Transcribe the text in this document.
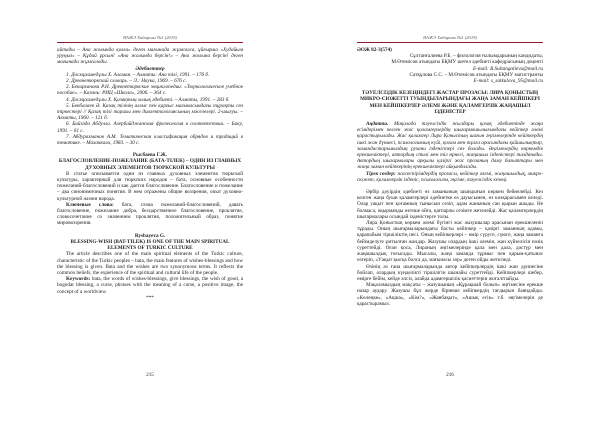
ЯАЖЭ Хабаршы №1 (2019)

айтады – Ана жолында қолға» деген мағынада жұмсалса, ұйғырша «Худайым уруңыз» – Құдай ұрсын! «Ана жолында берсін!» – Ана жолына берсін! деген мағынада жұмсалады.

Әдебиеттер

1. Досмұхамедұлы Х. Аламан. – Алматы: Ана тілі, 1991. – 176 б.

2. Древнетюркский словарь. – Л.: Наука, 1969. – 676 с.

3. Бекирханова Р.Н. Древнетюркские энциклопедии: «Тюркологическое учебное пособие». – Казань: РИЦ «Школа», 2006. – 364 с.

4. Досмұхамедұлы Х. Қазақтың халық әдебиеті. – Алматы, 1991. – 283 б.

5. Бекбалаев Ә. Қазақ тілінің алғыс пен қарғыс мағынасындағы тұрақты сөз тіркестері // Қазақ тілі тарихы мен диалектологиясының мәселелері. 2-шығуы. – Алматы, 1960. – 121 б.

6. Байзәда Абдулла. Азербайджанская фразеология в соответствии. – Баку, 1991. – 61 с.

7. Абдурахманов А.М. Тематическая классификация обрядов и традиций в тематике. – Махачкала, 1983. – 30 с.

Рысбаева Г.Ж.

БЛАГОСЛОВЛЕНИЕ-ПОЖЕЛАНИЕ (БАТА-ТІЛЕК) – ОДИН ИЗ ГЛАВНЫХ ДУХОВНЫХ ЭЛЕМЕНТОВ ТЮРКСКОЙ КУЛЬТУРЫ

В статье описывается один из главных духовных элементов тюркской культуры, характерный для тюркских народов – бата, основные особенности пожеланий-благословений и как дается благословение. Благословение и пожелание – два синонимичных понятия. В нем отражены общие воззрения, опыт духовно-культурной жизни народа.

Ключевые слова: бата, слова пожеланий-благословений, давать благословение, пожелание добра, бесцарственное благословение, проклятие, словосочетание со значением проклятия, положительный образ, понятие мировоззрения.

Rysbayeva G.

BLESSING-WISH (BAT-TILEK) IS ONE OF THE MAIN SPIRITUAL ELEMENTS OF TURKIC CULTURE

The article describes one of the main spiritual elements of the Turkic culture, characteristic of the Turkic peoples – bata, the main features of wishes-blessings and how the blessing is given. Bata and the wishes are two synonymous terms. It reflects the common beliefs, the experience of the spiritual and cultural life of the people.

Keywords: bata, the words of wishes-blessings, give blessings, the wish of good, a bogodar blessing, a curse, phrases with the meaning of a curse, a positive image, the concept of a worldview.

***

215
ЯАЖЭ Хабаршы №1 (2019)

ӘОЖ 82-3(574)

Сұлтанғалиева Р.Б. – филология ғылымдарының кандидаты,

М.Өтемісов атындағы БҚМУ шетел әдебиеті кафедрасының доценті

E-mail: R.Sultangalieva@mail.ru

Сатқұлова С.С. – М.Өтемісов атындағы БҚМУ магистранты

E-mail: s_satkulova_95@mail.ru

ТӘУЕЛСІЗДІК КЕЗЕҢІНДЕГІ ЖАСТАР ПРОЗАСЫ: ЛИРА ҚОНЫСТЫҢ МИКРО-СЮЖЕТТІ ТУЫНДЫЛАРЫНДАҒЫ ЖАҢА ЗАМАН КЕЙІПКЕРІ МЕН КЕЙІПКЕРЛЕР ӘЛЕМІ ЖӘНЕ ҚАЛАМГЕРЛІК ЖАҢАШЫЛ ІЗДЕНІСТЕР

Аңдатпа. Мақалада тәуелсіздік жылдары қазақ әдебиетінде жаңа есімдерімен келген жас қаламгерлердің шығармашылығындағы кейіпкер әлемі қарастырылады. Жас қаламгер Лира Қоныстың шағын әңгімелерінде кейіпкердің ішкі жан дүниесі, психологиялық күйі, қоғам мен тұлға арасындағы қайшылықтар, замандастарымыздың рухани ізденістері сөз болады. Әңгімелердің көркемдік ерекшеліктері, автордың стилі мен тіл өрнегі, жаңашыл ізденістері талданады. Автордың шығармалары арқылы қазіргі жас прозаның даму бағыттары мен жаңа заман кейіпкерінің ерекшеліктері айқындалады.

Тірек сөздер: жасөспірімдердің прозасы, кейіпкер әлемі, жаңашылдық, микро-сюжет, қаламгерлік ізденіс, психологизм, әңгіме, тәуелсіздік кезеңі.

Әрбір дәуірдің әдебиеті өз заманының шындығын көркем бейнелейді. Кез келген жаңа буын қаламгерлері әдебиетке өз дауысымен, өз көзқарасымен келеді. Олар уақыт пен қоғамның тынысын сезіп, адам жанының сан қырын ашады. Не болмаса, оқырманды өзгеше ойға, қатпарлы сезімге жетелейді. Жас қаламгерлердің шығармалары осындай ізденістерге толы.

Лира Қоныстың көркем әлемі бүгінгі жас жазушылар арасынан ерекшеленіп тұрады. Оның шығармаларындағы басты кейіпкер – қазіргі заманның адамы, қарапайым тіршіліктің иесі. Оның кейіпкерлері – өмір сүруге, сүюге, жаңа заманға бейімделуге ұмтылған жандар. Жазушы олардың ішкі әлемін, жан күйзелісін нәзік суреттейді. Оған қоса, Лираның әңгімелерінде қала мен дала, дәстүр мен жаңашылдық тоғысады. Мысалы, жаңа заманда тұрмыс пен қарым-қатынас өзгеріп, «Уақыт қысқа болса да, мағынасы зор» деген ойды жеткізеді.

Өзінің аз ғана шығармаларында автор кейіпкерлердің ішкі жан дүниесіне бойлап, олардың күнделікті тіршілігін шынайы суреттейді. Кейіпкерлері шебер, өмірге бейім, кейде әлсіз, алайда адамгершілік қасиеттерін жоғалтпайды.

Мақаламыздың мақсаты – жазушының «Құрақшай болып» әңгімесіне ерекше назар аудару. Жазушы бұл жерде бірнеше кейіпкердің тағдырын баяндайды. «Көлеңке», «Ақша», «Кім?», «Жанбақыт», «Ашық есік» т.б. әңгімелерін де қарастырамыз.

216
